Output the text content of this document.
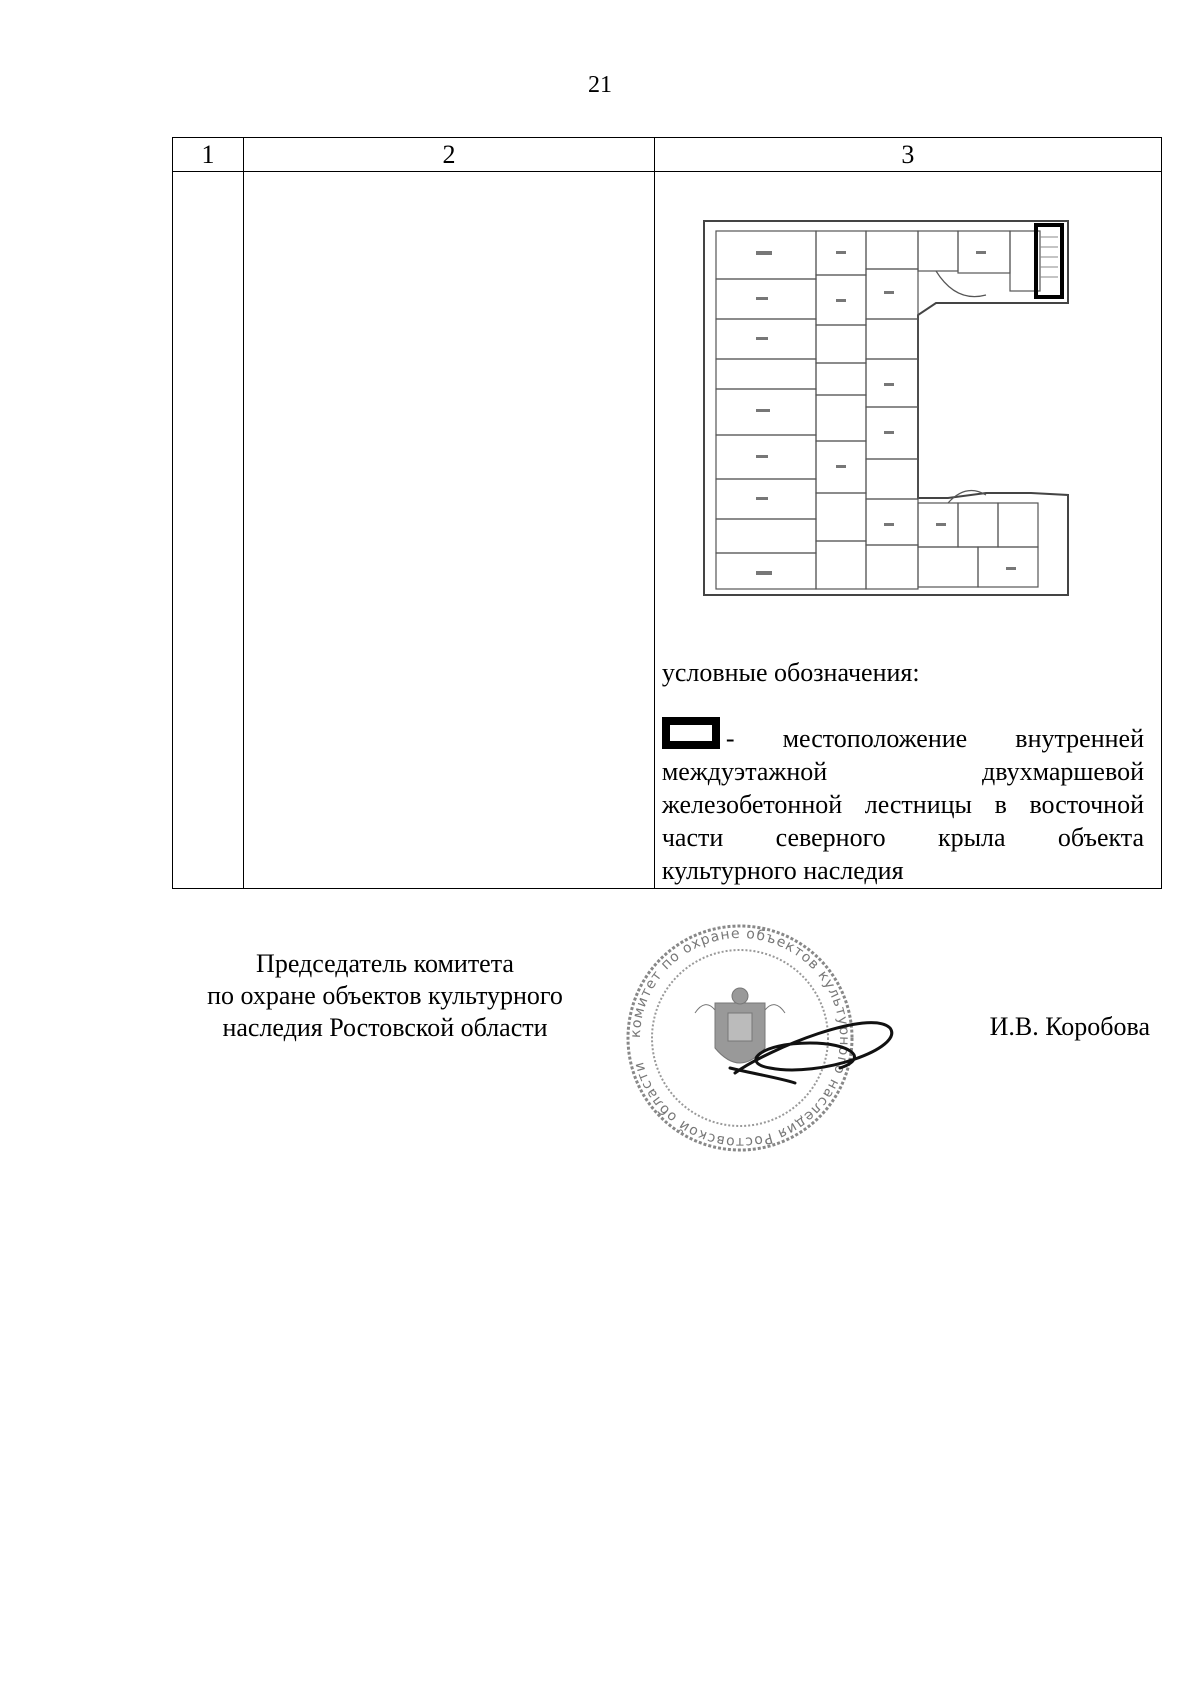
21
1	2	3

		условные обозначения:
- местоположение внутренней междуэтажной двухмаршевой железобетонной лестницы в восточной части северного крыла объекта культурного наследия
Председатель комитета
по охране объектов культурного
наследия Ростовской области	комитет по охране объектов культурного наследия Ростовской области
И.В. Коробова
